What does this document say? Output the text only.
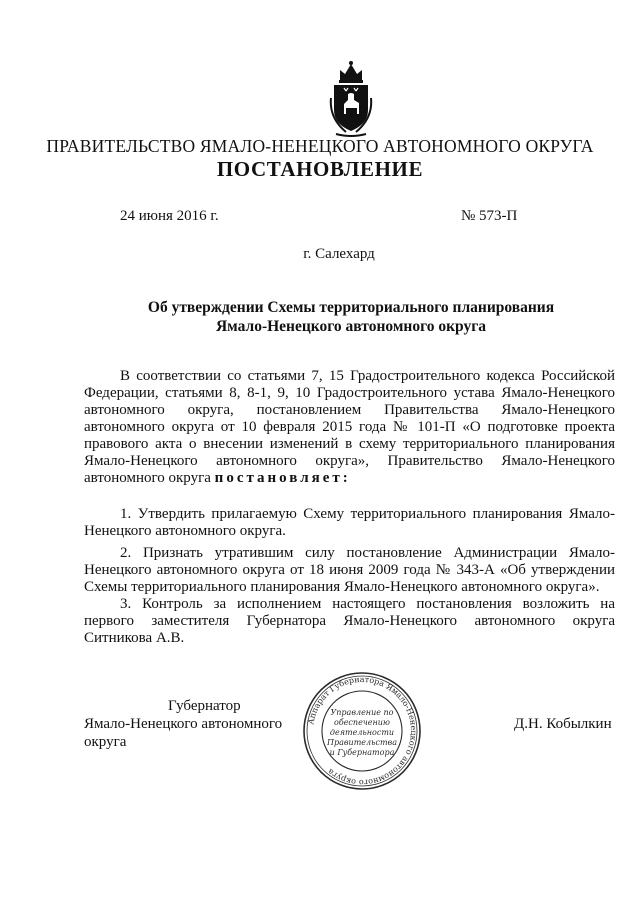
ПРАВИТЕЛЬСТВО ЯМАЛО-НЕНЕЦКОГО АВТОНОМНОГО ОКРУГА
ПОСТАНОВЛЕНИЕ
24 июня 2016 г.	№ 573-П
г. Салехард
Об утверждении Схемы территориального планирования
Ямало-Ненецкого автономного округа
В соответствии со статьями 7, 15 Градостроительного кодекса Российской
Федерации, статьями 8, 8-1, 9, 10 Градостроительного устава Ямало-Ненецкого
автономного округа, постановлением Правительства Ямало-Ненецкого
автономного округа от 10 февраля 2015 года № 101-П «О подготовке проекта
правового акта о внесении изменений в схему территориального планирования
Ямало-Ненецкого автономного округа», Правительство Ямало-Ненецкого
автономного округа постановляет:
1. Утвердить прилагаемую Схему территориального планирования Ямало-
Ненецкого автономного округа.
2. Признать утратившим силу постановление Администрации Ямало-
Ненецкого автономного округа от 18 июня 2009 года № 343-А «Об утверждении
Схемы территориального планирования Ямало-Ненецкого автономного округа».
3. Контроль за исполнением настоящего постановления возложить на
первого заместителя Губернатора Ямало-Ненецкого автономного округа
Ситникова А.В.
Губернатор
Ямало-Ненецкого автономного округа
Д.Н. Кобылкин
Аппарат Губернатора Ямало-Ненецкого автономного округа
Управление по
обеспечению
деятельности
Правительства
и Губернатора
